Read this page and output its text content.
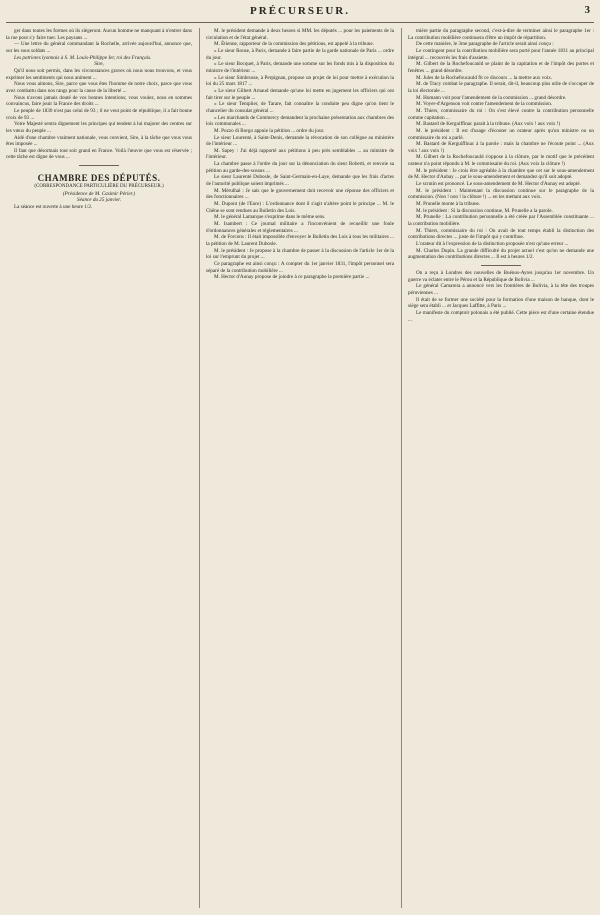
PRÉCURSEUR.	3

ger dans toutes les formes où ils siègeront. Aucun homme ne manquant à n'entrer dans la rue pour s'y faire tuer. Les paysans ...

— Une lettre du général commandant la Rochelle, arrivée aujourd'hui, annonce que, sur les sous soldats ...

Les patriotes lyonnais à S. M. Louis-Philippe Ier, roi des Français.

Sire,

Qu'il nous soit permis, dans les circonstances graves où nous nous trouvons, et vous exprimer les sentiments qui nous animent ...

Nous vous aimons, Sire, parce que vous êtes l'homme de notre choix, parce que vous avez combattu dans nos rangs pour la cause de la liberté ...

Nous n'avons jamais douté de vos bonnes intentions; vous voulez, nous en sommes convaincus, faire jouir la France des droits ...

Le peuple de 1830 n'est pas celui de 93 ; il ne veut point de république, il a fait bonne croix de 93 ...

Votre Majesté sentra dignement les principes qui tendent à lui majorer des centres sur les vœux du peuple ...

Aidé d'une chambre vraiment nationale, vous convient, Sire, à la tâche que vous vous êtes imposée ...

Il faut que désormais tout soit grand en France. Voilà l'œuvre que vous est réservée ; cette tâche est digne de vous ...

CHAMBRE DES DÉPUTÉS.

(CORRESPONDANCE PARTICULIÈRE DU PRÉCURSEUR.)

(Présidence de M. Casimir Périer.)

Séance du 25 janvier.

La séance est ouverte à une heure 1/2.

M. le président demande à deux heures si MM. les députés ... pour les paiements de la circulation et de l'état général.

M. Étienne, rapporteur de la commission des pétitions, est appelé à la tribune.

« Le sieur Rouse, à Paris, demande à faire partie de la garde nationale de Paris ... ordre du jour.

« Le sieur Bocquet, à Paris, demande une somme sur les fonds mis à la disposition du ministre de l'intérieur ...

« Le sieur Simbrusse, à Perpignan, propose un projet de loi pour mettre à exécution la loi du 25 mars 1817 ...

« Le sieur Gilbert Arnaud demande qu'une loi mette en jugement les officiers qui ont fait tirer sur le peuple ...

« Le sieur Templier, de Tarare, fait connaître la conduite peu digne qu'on tient le chancelier du consulat général ...

« Les marchands de Commercy demandent la prochaine présentation aux chambres des lois communales ...

M. Pozzo di Borgo appuie la pétition ... ordre du jour.

Le sieur Lourenté, à Saint-Denis, demande la révocation de son collègue au ministère de l'intérieur ...

M. Sapey : J'ai déjà rapporté aux pétitions à peu près semblables ... au ministre de l'intérieur.

La chambre passe à l'ordre du jour sur la dénonciation du sieur Roberti, et renvoie sa pétition au garde-des-sceaux ...

Le sieur Laurenté Dubosle, de Saint-Germain-en-Laye, demande que les frais d'actes de l'autorité publique soient imprimés ...

M. Mérulhal : Je sais que le gouvernement doit recevoir une réponse des officiers et des fonctionnaires ...

M. Dupont (de l'Eure) : L'ordonnance dont il s'agit n'altère point le principe ... M. le Chêne se sont rendues au Bulletin des Lois.

M. le général Lamarque s'exprime dans le même sens.

M. Isambert : Ce journal militaire a l'inconvénient de recueillir une foule d'ordonnances générales et réglementaires ...

M. de Forcons : Il était impossible d'envoyer le Bulletin des Lois à tous les militaires ... la pétition de M. Laurent Dubosle.

M. le président : Je propose à la chambre de passer à la discussion de l'article 1er de la loi sur l'emprunt du projet ...

Ce paragraphe est ainsi conçu : A compter du 1er janvier 1831, l'impôt personnel sera séparé de la contribution mobilière ...

M. Hector d'Aunay propose de joindre à ce paragraphe la première partie ...

mière partie du paragraphe second, c'est-à-dire de terminer ainsi le paragraphe 1er : La contribution mobilière continuera d'être un impôt de répartition.

De cette manière, le 3me paragraphe de l'article serait ainsi conçu :

Le contingent pour la contribution mobilière sera porté pour l'année 1831 au principal intégral ... recouvrés les frais d'assiette.

M. Gilbert de la Rochefoucauld se plaint de la capitation et de l'impôt des portes et fenêtres ... grand désordre.

M. Jules de la Rochefoucauld fit ce discours ... la mettre aux voix.

M. de Tracy combat le paragraphe. Il serait, dit-il, beaucoup plus utile de s'occuper de la loi électorale ...

M. Humann voit pour l'amendement de la commission ... grand désordre.

M. Voyer-d'Argenson voit contre l'amendement de la commission.

M. Thiers, commissaire du roi : On s'est élevé contre la contribution personnelle comme capitation ...

M. Bastard de Kerguiffinac parait à la tribune. (Aux voix ! aux voix !)

M. le président : Il est d'usage d'écouter un orateur après qu'un ministre ou un commissaire du roi a parlé.

M. Bastard de Kerguiffinac à la parole : mais la chambre ne l'écoute point ... (Aux voix ! aux voix !)

M. Gilbert de la Rochefoucauld s'oppose à la clôture, par le motif que le précédent orateur n'a point répondu à M. le commissaire du roi. (Aux voix la clôture !)

M. le président : Je crois être agréable à la chambre que cet sur le sous-amendement de M. Hector d'Aubay ... par le sous-amendement et demandez qu'il soit adopté.

Le scrutin est prononcé. Le sous-amendement de M. Hector d'Aunay est adopté.

M. le président : Maintenant la discussion continue sur le paragraphe de la commission. (Non ! non ! la clôture !) ... en les mettant aux voix.

M. Prunelle monte à la tribune.

M. le président : Si la discussion continue, M. Prunelle a la parole.

M. Prunelle : La contribution personnelle a été créée par l'Assemblée constituante ... la contribution mobilière.

M. Thiers, commissaire du roi : On avait de tout temps établi la distinction des contributions directes ... juste de l'impôt qui y contribue.

L'orateur dit à l'expression de la distinction proposée n'est qu'une erreur ...

M. Charles Dupin. La grande difficulté du projet actuel c'est qu'on ne demande une augmentation des contributions directes ... Il est à heures 1/2.

On a reçu à Londres des nouvelles de Buénos-Ayres jusqu'au 1er novembre. Un guerre va éclater entre le Pérou et la République de Bolivia ...

Le général Camarera a annoncé vers les frontières de Bolivia, à la tête des troupes péruviennes ...

Il était de se former une société pour la formation d'une maison de banque, dont le siège sera établi ... et Jacques Laffitte, à Paris ...

Le manifeste du comptoir polonais a été publié. Cette pièce est d'une certaine étendue ...
